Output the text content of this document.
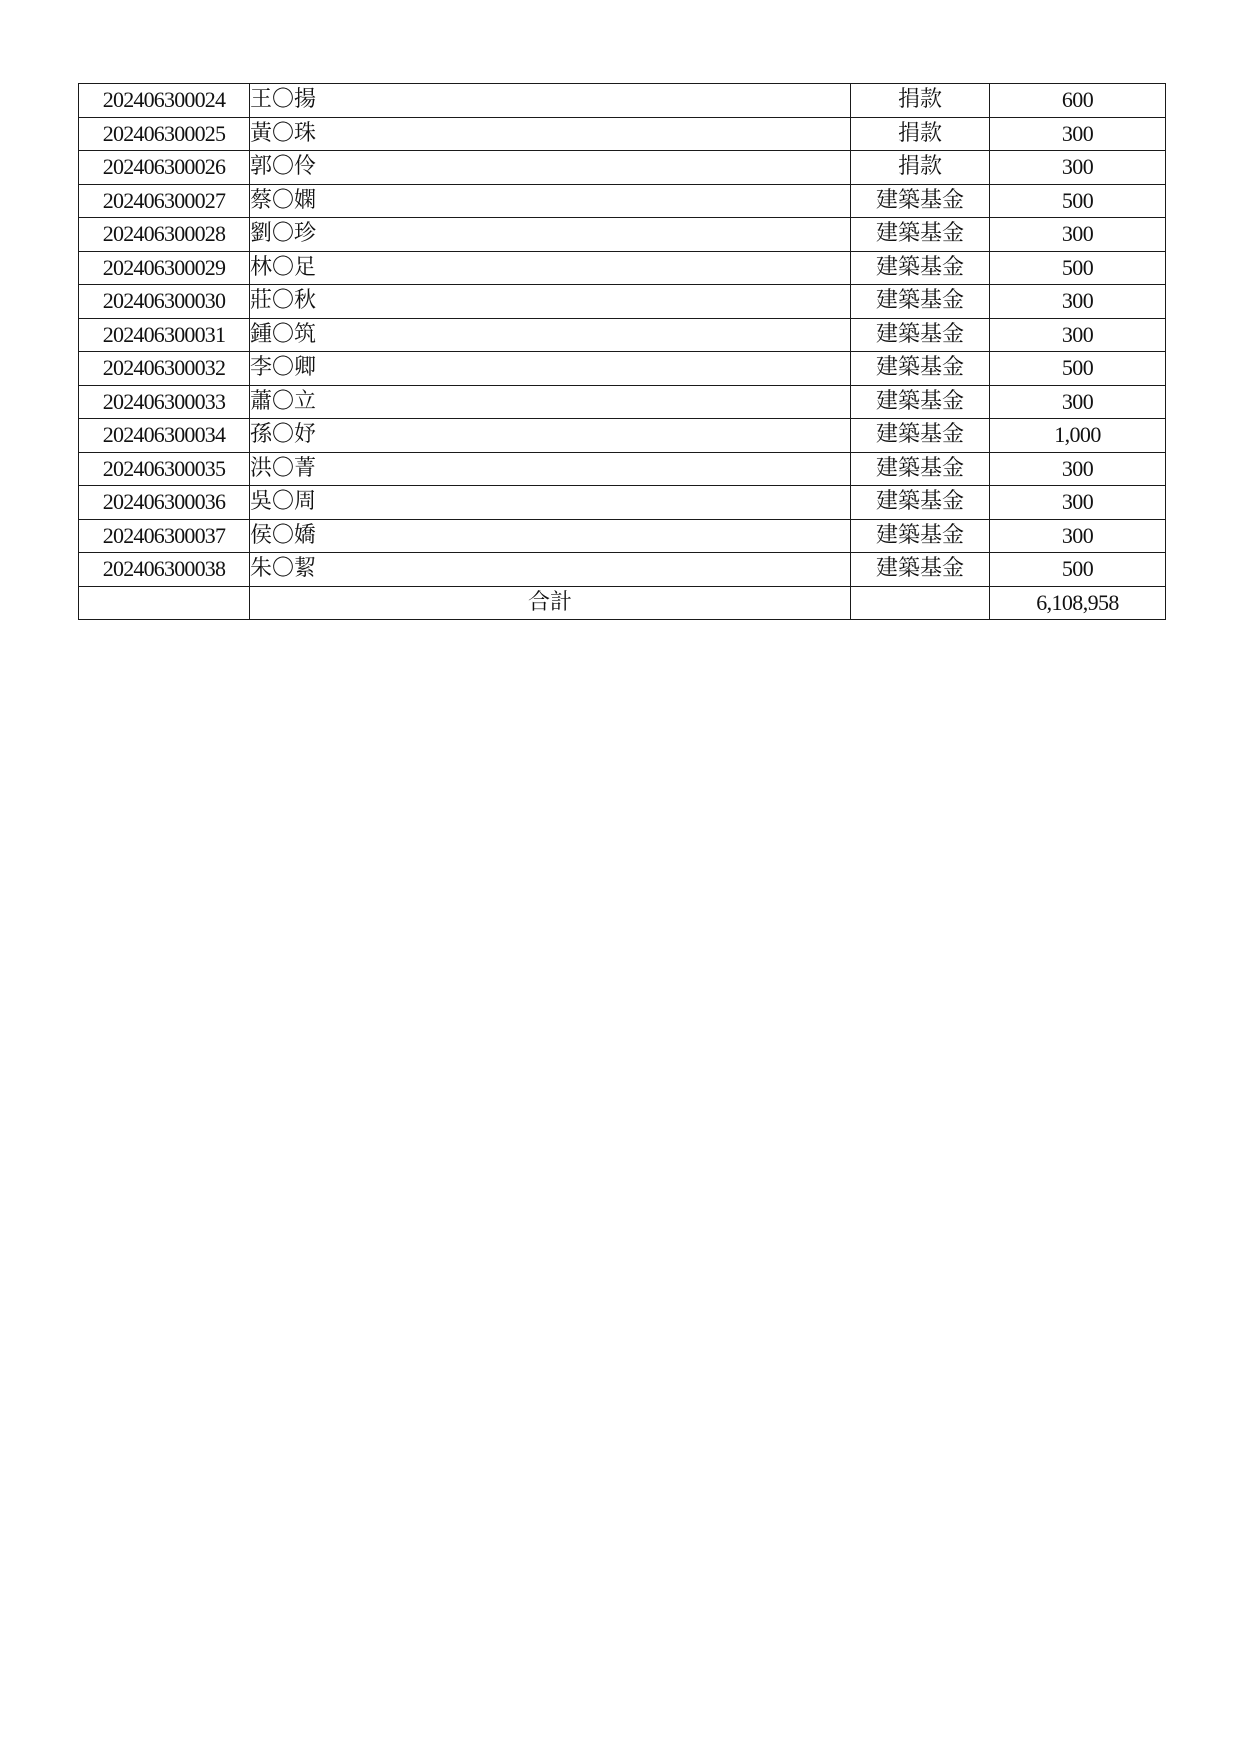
202406300024	王〇揚	捐款	600
202406300025	黃〇珠	捐款	300
202406300026	郭〇伶	捐款	300
202406300027	蔡〇嫻	建築基金	500
202406300028	劉〇珍	建築基金	300
202406300029	林〇足	建築基金	500
202406300030	莊〇秋	建築基金	300
202406300031	鍾〇筑	建築基金	300
202406300032	李〇卿	建築基金	500
202406300033	蕭〇立	建築基金	300
202406300034	孫〇妤	建築基金	1,000
202406300035	洪〇菁	建築基金	300
202406300036	吳〇周	建築基金	300
202406300037	侯〇嬌	建築基金	300
202406300038	朱〇絜	建築基金	500
	合計		6,108,958
